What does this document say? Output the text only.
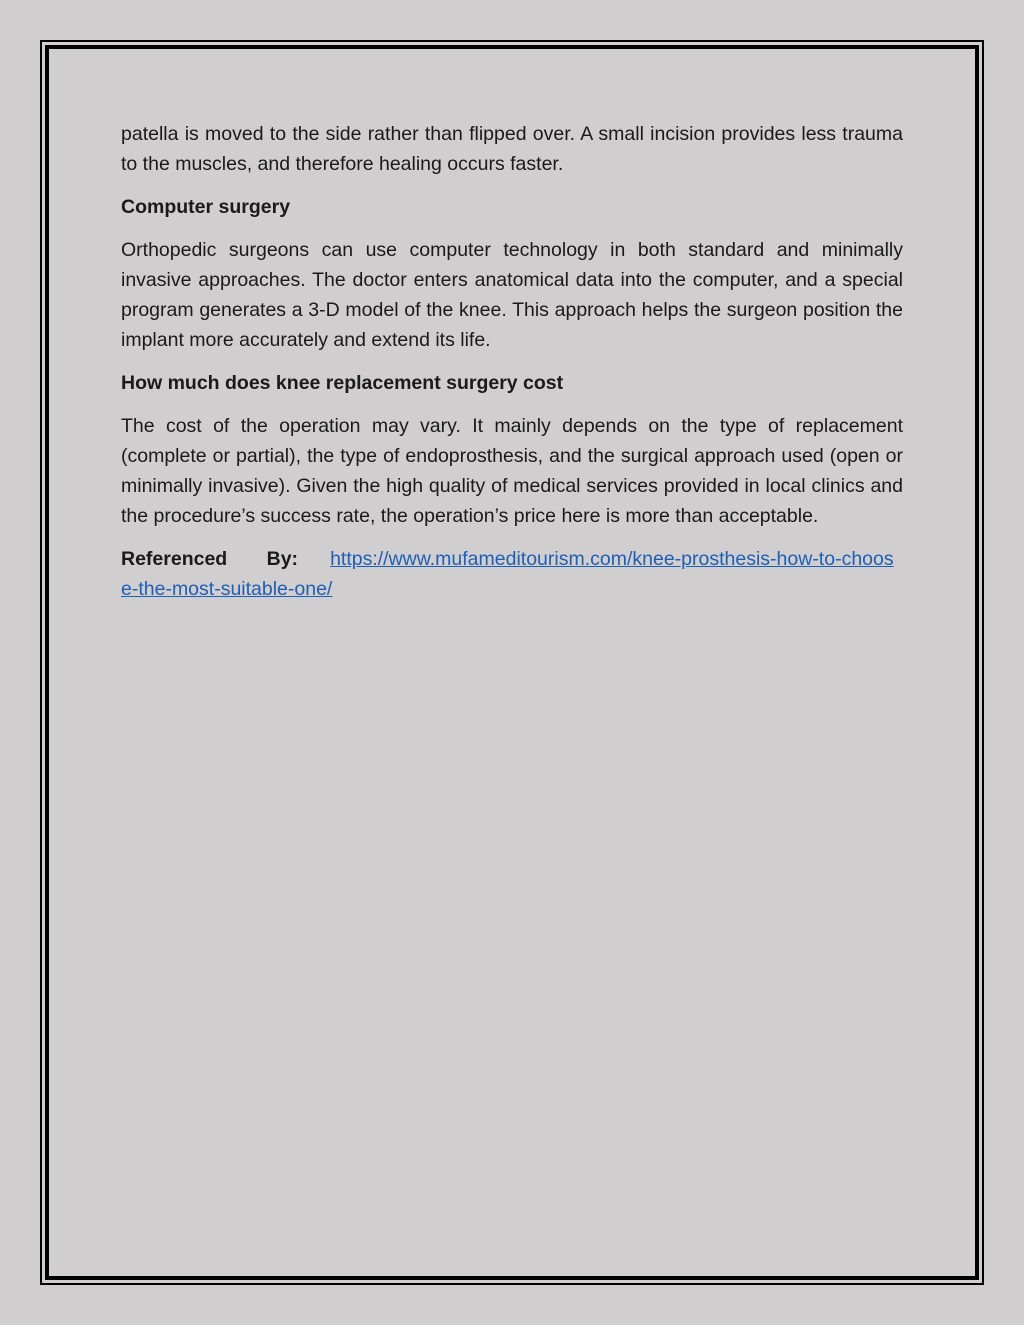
patella is moved to the side rather than flipped over. A small incision provides less trauma to the muscles, and therefore healing occurs faster.

Computer surgery

Orthopedic surgeons can use computer technology in both standard and minimally invasive approaches. The doctor enters anatomical data into the computer, and a special program generates a 3-D model of the knee. This approach helps the surgeon position the implant more accurately and extend its life.

How much does knee replacement surgery cost

The cost of the operation may vary. It mainly depends on the type of replacement (complete or partial), the type of endoprosthesis, and the surgical approach used (open or minimally invasive). Given the high quality of medical services provided in local clinics and the procedure’s success rate, the operation’s price here is more than acceptable.

Referenced By: https://www.mufameditourism.com/knee-prosthesis-how-to-choose-the-most-suitable-one/
